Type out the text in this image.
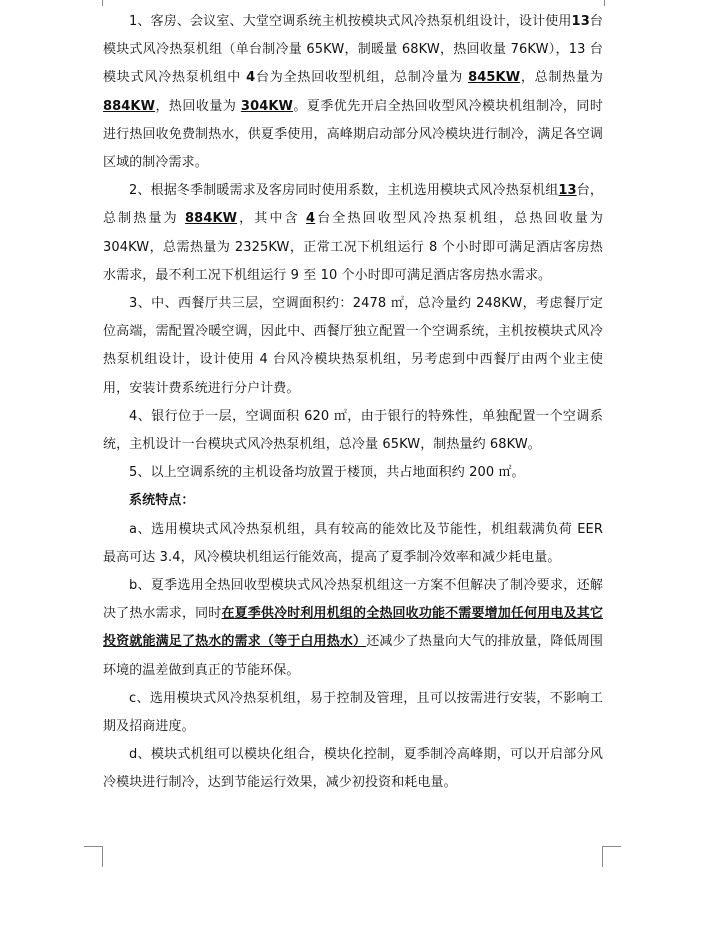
1、客房、会议室、大堂空调系统主机按模块式风冷热泵机组设计，设计使用13台模块式风冷热泵机组（单台制冷量 65KW，制暖量 68KW，热回收量 76KW），13 台模块式风冷热泵机组中 4台为全热回收型机组，总制冷量为 845KW，总制热量为 884KW，热回收量为 304KW。夏季优先开启全热回收型风冷模块机组制冷，同时进行热回收免费制热水，供夏季使用，高峰期启动部分风冷模块进行制冷，满足各空调区域的制冷需求。

2、根据冬季制暖需求及客房同时使用系数，主机选用模块式风冷热泵机组13台，总制热量为 884KW，其中含 4台全热回收型风冷热泵机组，总热回收量为 304KW，总需热量为 2325KW，正常工况下机组运行 8 个小时即可满足酒店客房热水需求，最不利工况下机组运行 9 至 10 个小时即可满足酒店客房热水需求。

3、中、西餐厅共三层，空调面积约：2478 ㎡，总冷量约 248KW，考虑餐厅定位高端，需配置冷暖空调，因此中、西餐厅独立配置一个空调系统，主机按模块式风冷热泵机组设计，设计使用 4 台风冷模块热泵机组，另考虑到中西餐厅由两个业主使用，安装计费系统进行分户计费。

4、银行位于一层，空调面积 620 ㎡，由于银行的特殊性，单独配置一个空调系统，主机设计一台模块式风冷热泵机组，总冷量 65KW，制热量约 68KW。

5、以上空调系统的主机设备均放置于楼顶，共占地面积约 200 ㎡。

系统特点：

a、选用模块式风冷热泵机组，具有较高的能效比及节能性，机组载满负荷 EER 最高可达 3.4，风冷模块机组运行能效高，提高了夏季制冷效率和减少耗电量。

b、夏季选用全热回收型模块式风冷热泵机组这一方案不但解决了制冷要求，还解决了热水需求，同时在夏季供冷时利用机组的全热回收功能不需要增加任何用电及其它投资就能满足了热水的需求（等于白用热水）还减少了热量向大气的排放量，降低周围环境的温差做到真正的节能环保。

c、选用模块式风冷热泵机组，易于控制及管理，且可以按需进行安装，不影响工期及招商进度。

d、模块式机组可以模块化组合，模块化控制，夏季制冷高峰期，可以开启部分风冷模块进行制冷，达到节能运行效果，减少初投资和耗电量。
